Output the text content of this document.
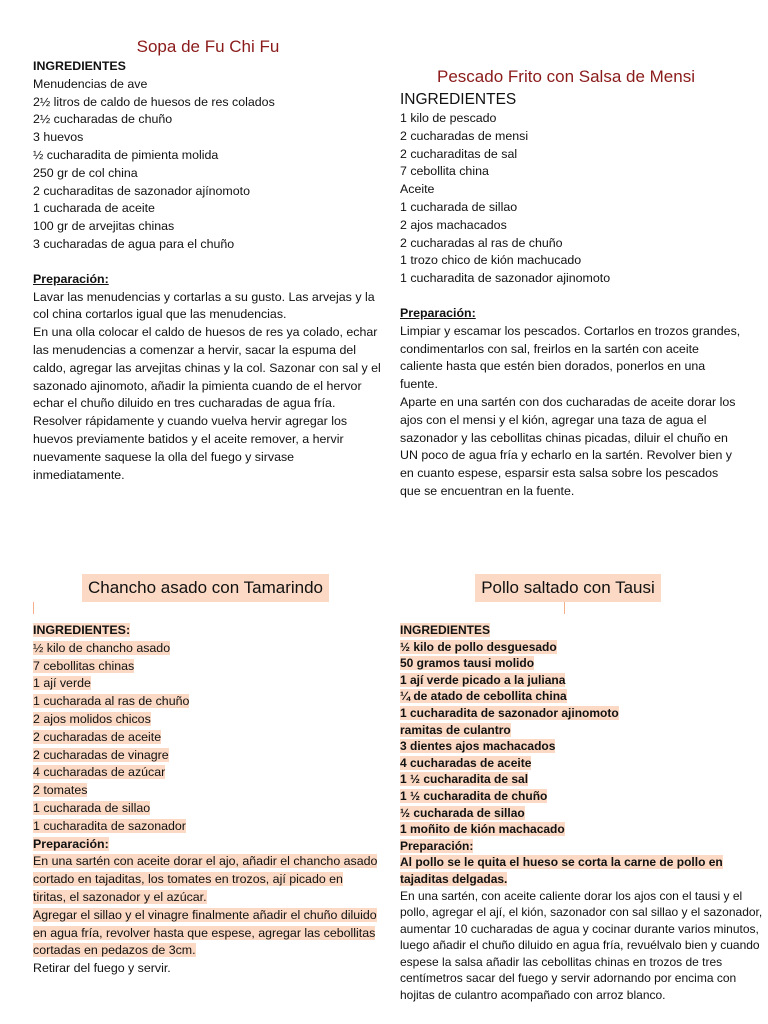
Sopa de Fu Chi Fu
INGREDIENTES
Menudencias de ave
2½ litros de caldo de huesos de res colados
2½ cucharadas de chuño
3 huevos
½ cucharadita de pimienta molida
250 gr de col china
2 cucharaditas de sazonador ajínomoto
1 cucharada de aceite
100 gr de arvejitas chinas
3 cucharadas de agua para el chuño
Preparación:
Lavar las menudencias y cortarlas a su gusto. Las arvejas y la col china cortarlos igual que las menudencias.
En una olla colocar el caldo de huesos de res ya colado, echar las menudencias a comenzar a hervir, sacar la espuma del caldo, agregar las arvejitas chinas y la col. Sazonar con sal y el sazonado ajinomoto, añadir la pimienta cuando de el hervor echar el chuño diluido en tres cucharadas de agua fría. Resolver rápidamente y cuando vuelva hervir agregar los huevos previamente batidos y el aceite remover, a hervir nuevamente saquese la olla del fuego y sirvase inmediatamente.
Pescado Frito con Salsa de Mensi
INGREDIENTES
1 kilo de pescado
2 cucharadas de mensi
2 cucharaditas de sal
7 cebollita china
Aceite
1 cucharada de sillao
2 ajos machacados
2 cucharadas al ras de chuño
1 trozo chico de kión machucado
1 cucharadita de sazonador ajinomoto
Preparación:
Limpiar y escamar los pescados. Cortarlos en trozos grandes, condimentarlos con sal, freirlos en la sartén con aceite caliente hasta que estén bien dorados, ponerlos en una fuente.
Aparte en una sartén con dos cucharadas de aceite dorar los ajos con el mensi y el kión, agregar una taza de agua el sazonador y las cebollitas chinas picadas, diluir el chuño en UN poco de agua fría y echarlo en la sartén. Revolver bien y en cuanto espese, esparsir esta salsa sobre los pescados que se encuentran en la fuente.
Chancho asado con Tamarindo
INGREDIENTES:
½ kilo de chancho asado
7 cebollitas chinas
1 ají verde
1 cucharada al ras de chuño
2 ajos molidos chicos
2 cucharadas de aceite
2 cucharadas de vinagre
4 cucharadas de azúcar
2 tomates
1 cucharada de sillao
1 cucharadita de sazonador
Preparación:
En una sartén con aceite dorar el ajo, añadir el chancho asado cortado en tajaditas, los tomates en trozos, ají picado en tiritas, el sazonador y el azúcar.
Agregar el sillao y el vinagre finalmente añadir el chuño diluido en agua fría, revolver hasta que espese, agregar las cebollitas cortadas en pedazos de 3cm.
Retirar del fuego y servir.
Pollo saltado con Tausi
INGREDIENTES
½ kilo de pollo desguesado
50 gramos tausi molido
1 ají verde picado a la juliana
¼ de atado de cebollita china
1 cucharadita de sazonador ajinomoto
ramitas de culantro
3 dientes ajos machacados
4 cucharadas de aceite
1 ½ cucharadita de sal
1 ½ cucharadita de chuño
½ cucharada de sillao
1 moñito de kión machacado
Preparación:
Al pollo se le quita el hueso se corta la carne de pollo en tajaditas delgadas.
En una sartén, con aceite caliente dorar los ajos con el tausi y el pollo, agregar el ají, el kión, sazonador con sal sillao y el sazonador, aumentar 10 cucharadas de agua y cocinar durante varios minutos, luego añadir el chuño diluido en agua fría, revuélvalo bien y cuando espese la salsa añadir las cebollitas chinas en trozos de tres centímetros sacar del fuego y servir adornando por encima con hojitas de culantro acompañado con arroz blanco.
